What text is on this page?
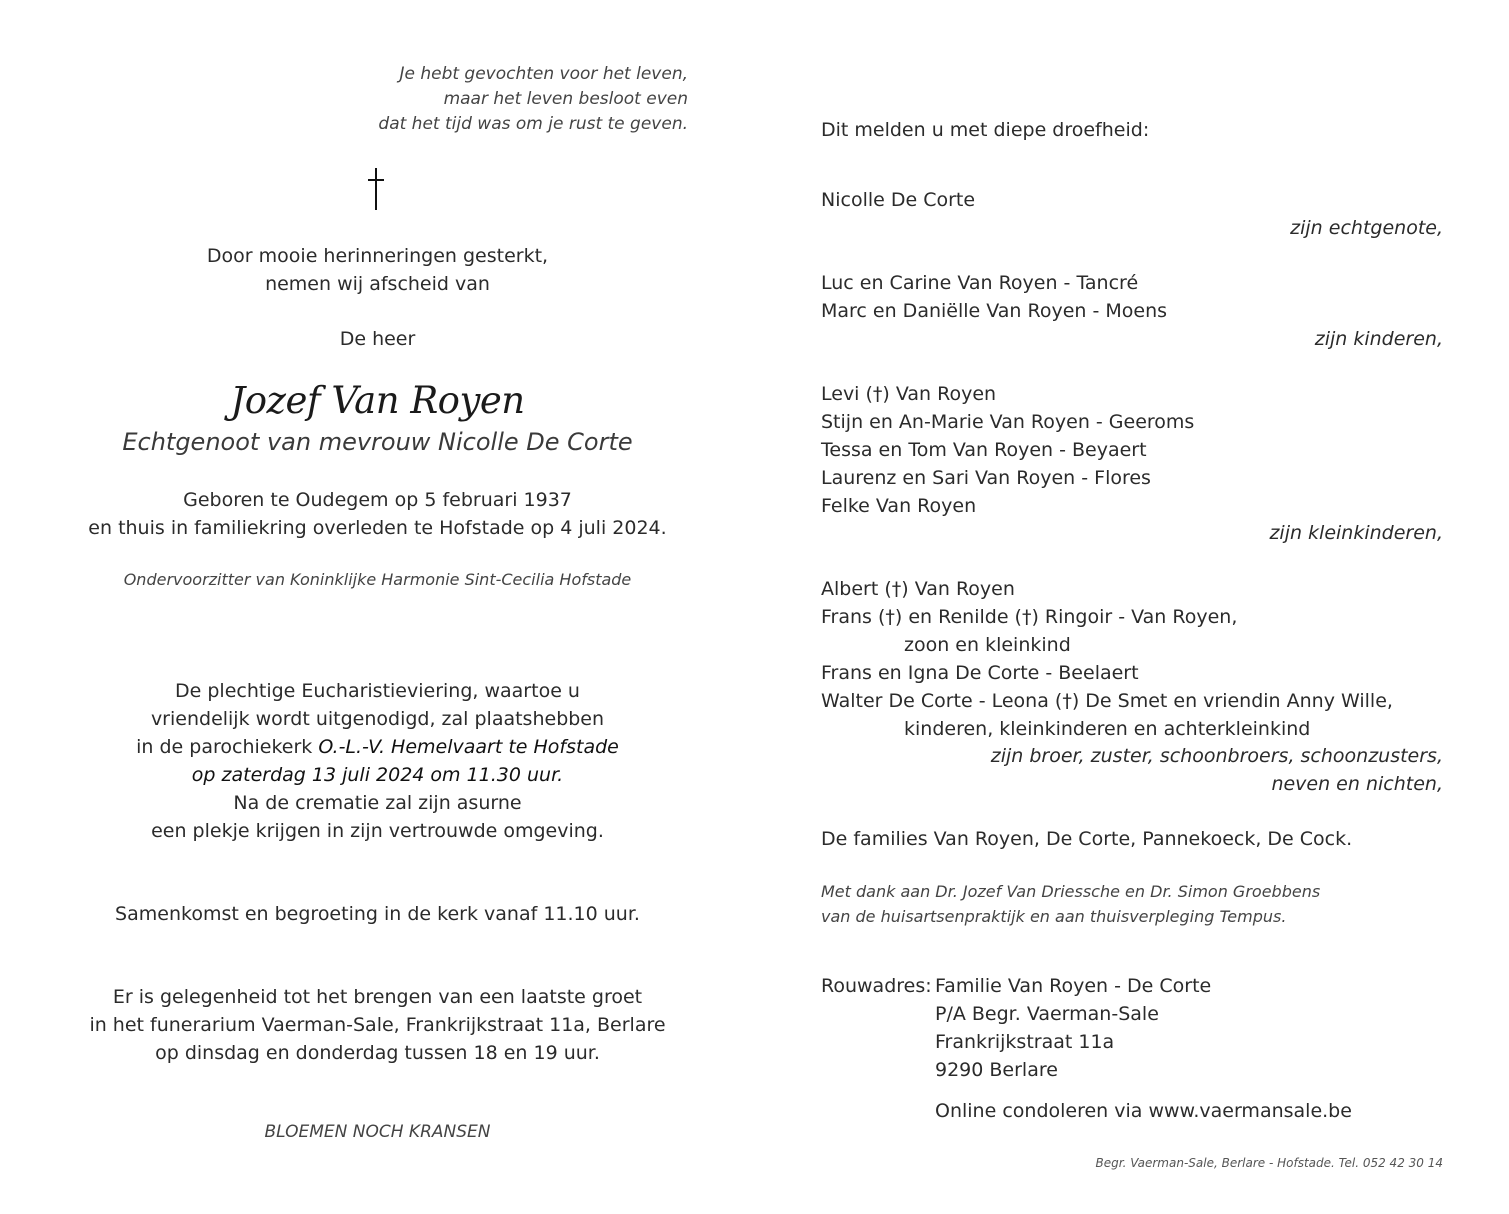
Je hebt gevochten voor het leven,
maar het leven besloot even
dat het tijd was om je rust te geven.
Door mooie herinneringen gesterkt,
nemen wij afscheid van
De heer
Jozef Van Royen
Echtgenoot van mevrouw Nicolle De Corte
Geboren te Oudegem op 5 februari 1937
en thuis in familiekring overleden te Hofstade op 4 juli 2024.
Ondervoorzitter van Koninklijke Harmonie Sint-Cecilia Hofstade
De plechtige Eucharistieviering, waartoe u
vriendelijk wordt uitgenodigd, zal plaatshebben
in de parochiekerk O.-L.-V. Hemelvaart te Hofstade
op zaterdag 13 juli 2024 om 11.30 uur.
Na de crematie zal zijn asurne
een plekje krijgen in zijn vertrouwde omgeving.
Samenkomst en begroeting in de kerk vanaf 11.10 uur.
Er is gelegenheid tot het brengen van een laatste groet
in het funerarium Vaerman-Sale, Frankrijkstraat 11a, Berlare
op dinsdag en donderdag tussen 18 en 19 uur.
BLOEMEN NOCH KRANSEN
Dit melden u met diepe droefheid:
Nicolle De Corte
zijn echtgenote,
Luc en Carine Van Royen - Tancré
Marc en Daniëlle Van Royen - Moens
zijn kinderen,
Levi (†) Van Royen
Stijn en An-Marie Van Royen - Geeroms
Tessa en Tom Van Royen - Beyaert
Laurenz en Sari Van Royen - Flores
Felke Van Royen
zijn kleinkinderen,
Albert (†) Van Royen
Frans (†) en Renilde (†) Ringoir - Van Royen,
zoon en kleinkind
Frans en Igna De Corte - Beelaert
Walter De Corte - Leona (†) De Smet en vriendin Anny Wille,
kinderen, kleinkinderen en achterkleinkind
zijn broer, zuster, schoonbroers, schoonzusters,
neven en nichten,
De families Van Royen, De Corte, Pannekoeck, De Cock.
Met dank aan Dr. Jozef Van Driessche en Dr. Simon Groebbens
van de huisartsenpraktijk en aan thuisverpleging Tempus.
Rouwadres: Familie Van Royen - De Corte
P/A Begr. Vaerman-Sale
Frankrijkstraat 11a
9290 Berlare
Online condoleren via www.vaermansale.be
Begr. Vaerman-Sale, Berlare - Hofstade. Tel. 052 42 30 14
